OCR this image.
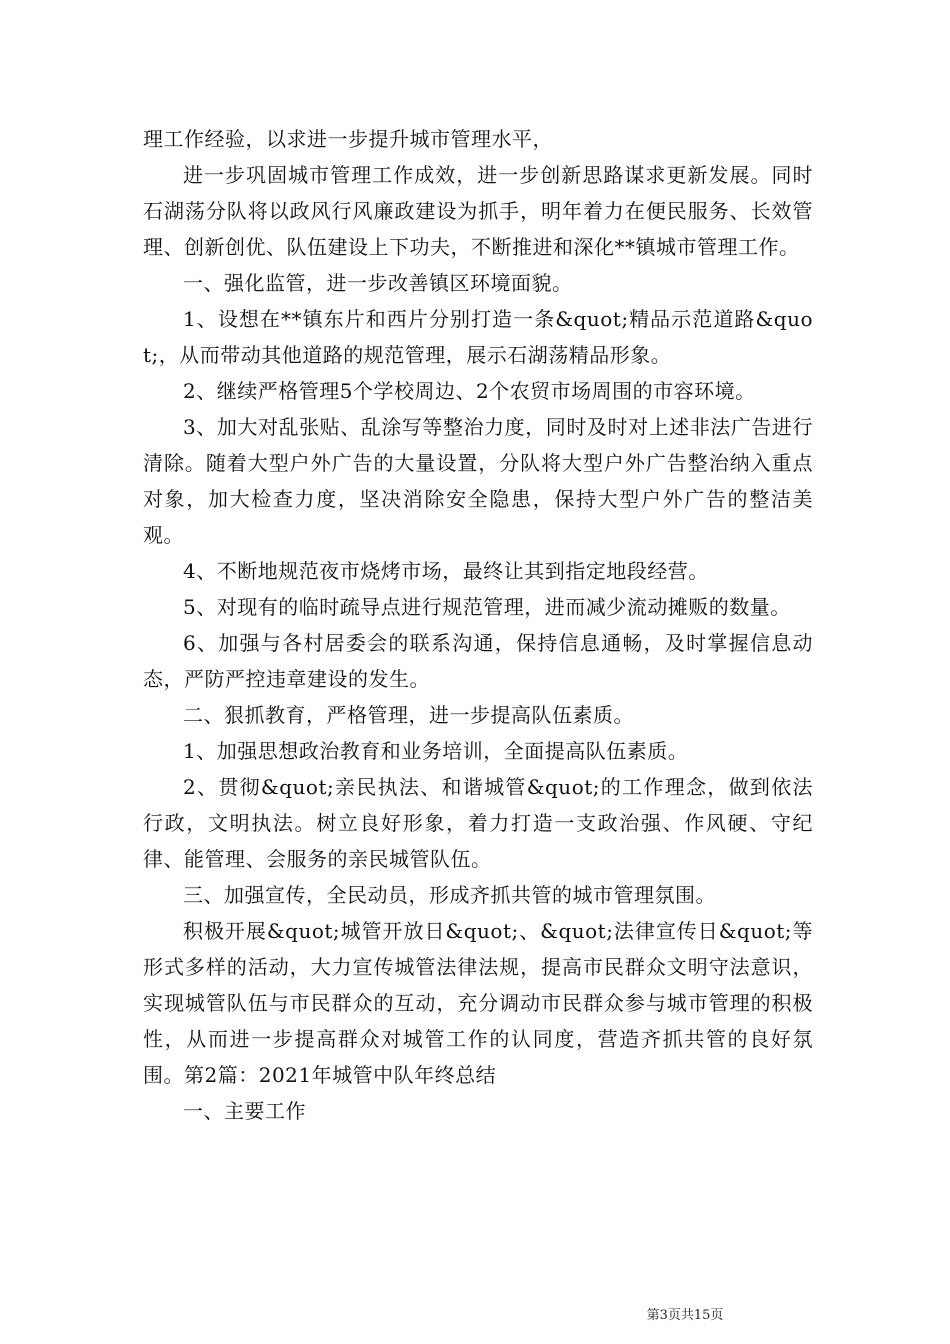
理工作经验，以求进一步提升城市管理水平，

进一步巩固城市管理工作成效，进一步创新思路谋求更新发展。同时石湖荡分队将以政风行风廉政建设为抓手，明年着力在便民服务、长效管理、创新创优、队伍建设上下功夫，不断推进和深化**镇城市管理工作。

一、强化监管，进一步改善镇区环境面貌。

1、设想在**镇东片和西片分别打造一条&quot;精品示范道路&quot;，从而带动其他道路的规范管理，展示石湖荡精品形象。

2、继续严格管理5个学校周边、2个农贸市场周围的市容环境。

3、加大对乱张贴、乱涂写等整治力度，同时及时对上述非法广告进行清除。随着大型户外广告的大量设置，分队将大型户外广告整治纳入重点对象，加大检查力度，坚决消除安全隐患，保持大型户外广告的整洁美观。

4、不断地规范夜市烧烤市场，最终让其到指定地段经营。

5、对现有的临时疏导点进行规范管理，进而减少流动摊贩的数量。

6、加强与各村居委会的联系沟通，保持信息通畅，及时掌握信息动态，严防严控违章建设的发生。

二、狠抓教育，严格管理，进一步提高队伍素质。

1、加强思想政治教育和业务培训，全面提高队伍素质。

2、贯彻&quot;亲民执法、和谐城管&quot;的工作理念，做到依法行政，文明执法。树立良好形象，着力打造一支政治强、作风硬、守纪律、能管理、会服务的亲民城管队伍。

三、加强宣传，全民动员，形成齐抓共管的城市管理氛围。

积极开展&quot;城管开放日&quot;、&quot;法律宣传日&quot;等形式多样的活动，大力宣传城管法律法规，提高市民群众文明守法意识，实现城管队伍与市民群众的互动，充分调动市民群众参与城市管理的积极性，从而进一步提高群众对城管工作的认同度，营造齐抓共管的良好氛围。第2篇：2021年城管中队年终总结

一、主要工作

第3页共15页
